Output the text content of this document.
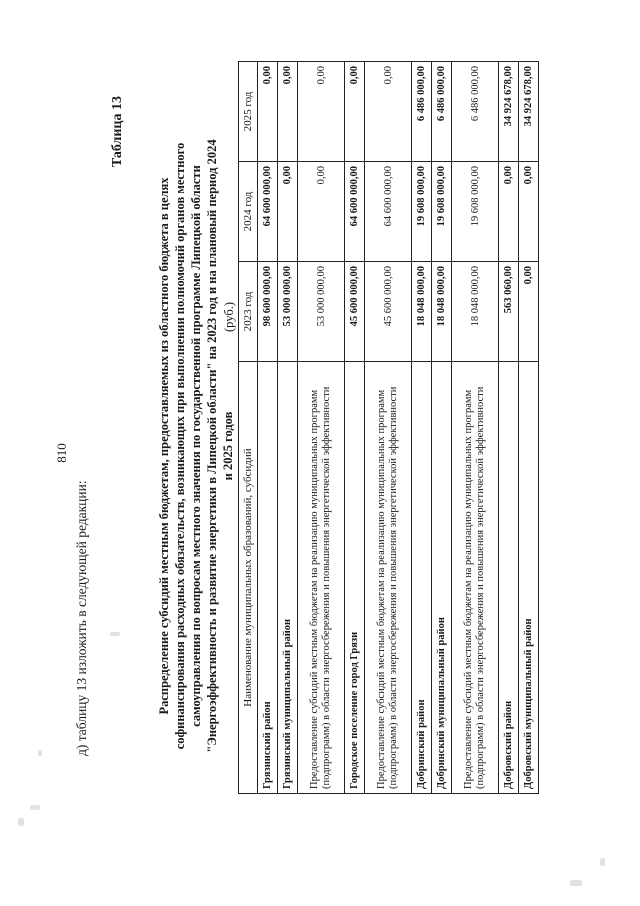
810
д) таблицу 13 изложить в следующей редакции:
Таблица 13
Распределение субсидий местным бюджетам, предоставляемых из областного бюджета в целях софинансирования расходных обязательств, возникающих при выполнении полномочий органов местного самоуправления по вопросам местного значения по государственной программе Липецкой области "Энергоэффективность и развитие энергетики в Липецкой области" на 2023 год и на плановый период 2024 и 2025 годов
(руб.)
Наименование муниципальных образований, субсидий	2023 год	2024 год	2025 год
Грязинский район	98 600 000,00	64 600 000,00	0,00
Грязинский муниципальный район	53 000 000,00	0,00	0,00
Предоставление субсидий местным бюджетам на реализацию муниципальных программ (подпрограмм) в области энергосбережения и повышения энергетической эффективности	53 000 000,00	0,00	0,00
Городское поселение город Грязи	45 600 000,00	64 600 000,00	0,00
Предоставление субсидий местным бюджетам на реализацию муниципальных программ (подпрограмм) в области энергосбережения и повышения энергетической эффективности	45 600 000,00	64 600 000,00	0,00
Добринский район	18 048 000,00	19 608 000,00	6 486 000,00
Добринский муниципальный район	18 048 000,00	19 608 000,00	6 486 000,00
Предоставление субсидий местным бюджетам на реализацию муниципальных программ (подпрограмм) в области энергосбережения и повышения энергетической эффективности	18 048 000,00	19 608 000,00	6 486 000,00
Добровский район	563 060,00	0,00	34 924 678,00
Добровский муниципальный район	0,00	0,00	34 924 678,00
